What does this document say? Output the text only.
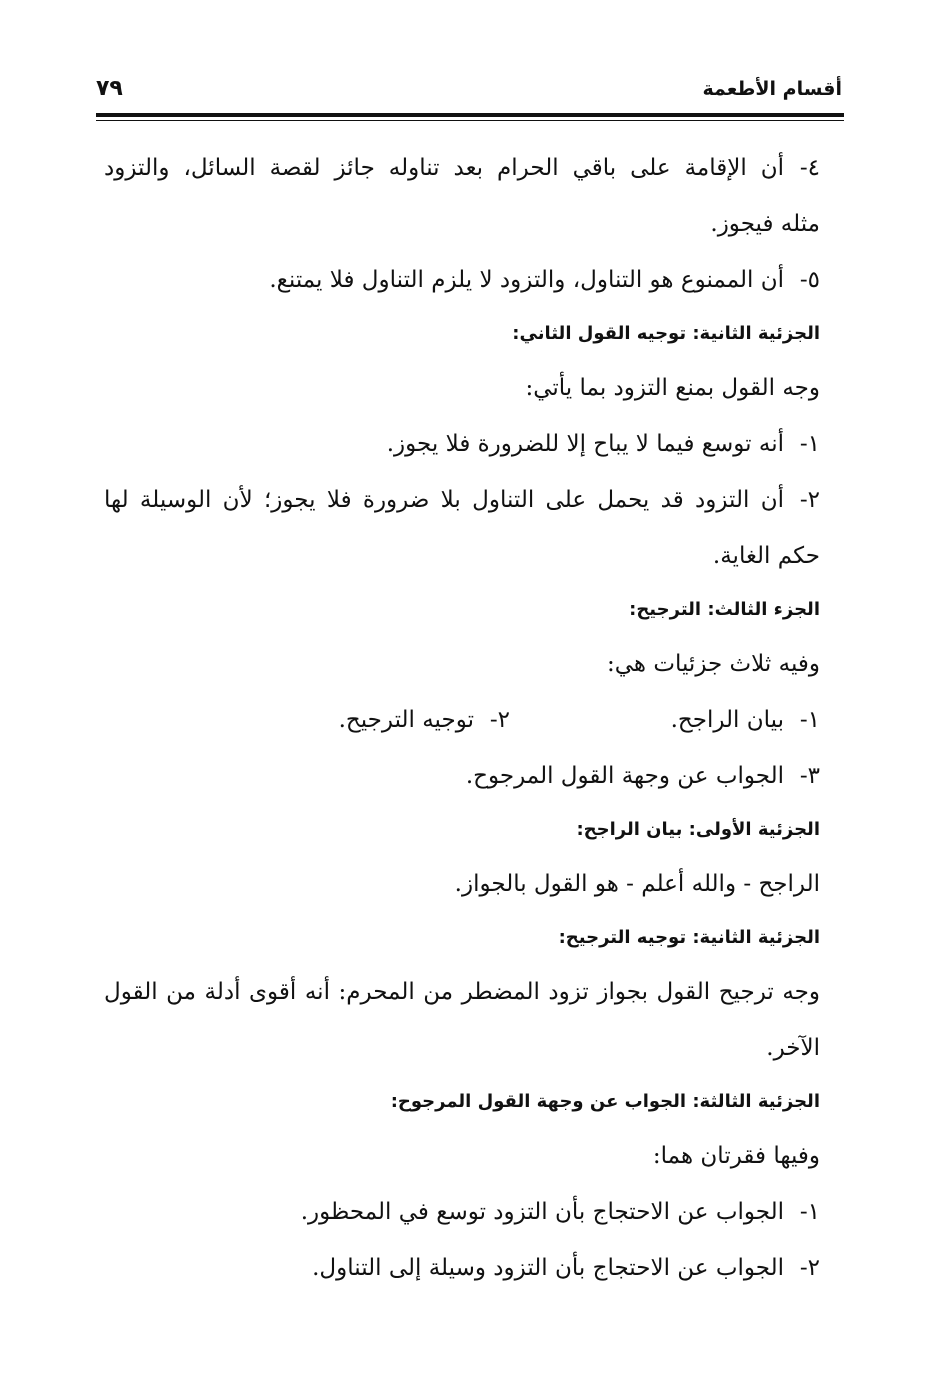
أقسام الأطعمة
٧٩
٤-أن الإقامة على باقي الحرام بعد تناوله جائز لقصة السائل، والتزود
مثله فيجوز.
٥-أن الممنوع هو التناول، والتزود لا يلزم التناول فلا يمتنع.
الجزئية الثانية: توجيه القول الثاني:
وجه القول بمنع التزود بما يأتي:
١-أنه توسع فيما لا يباح إلا للضرورة فلا يجوز.
٢-أن التزود قد يحمل على التناول بلا ضرورة فلا يجوز؛ لأن الوسيلة لها
حكم الغاية.
الجزء الثالث: الترجيح:
وفيه ثلاث جزئيات هي:
١-بيان الراجح.
٢-توجيه الترجيح.
٣-الجواب عن وجهة القول المرجوح.
الجزئية الأولى: بيان الراجح:
الراجح - والله أعلم - هو القول بالجواز.
الجزئية الثانية: توجيه الترجيح:
وجه ترجيح القول بجواز تزود المضطر من المحرم: أنه أقوى أدلة من القول
الآخر.
الجزئية الثالثة: الجواب عن وجهة القول المرجوح:
وفيها فقرتان هما:
١-الجواب عن الاحتجاج بأن التزود توسع في المحظور.
٢-الجواب عن الاحتجاج بأن التزود وسيلة إلى التناول.
